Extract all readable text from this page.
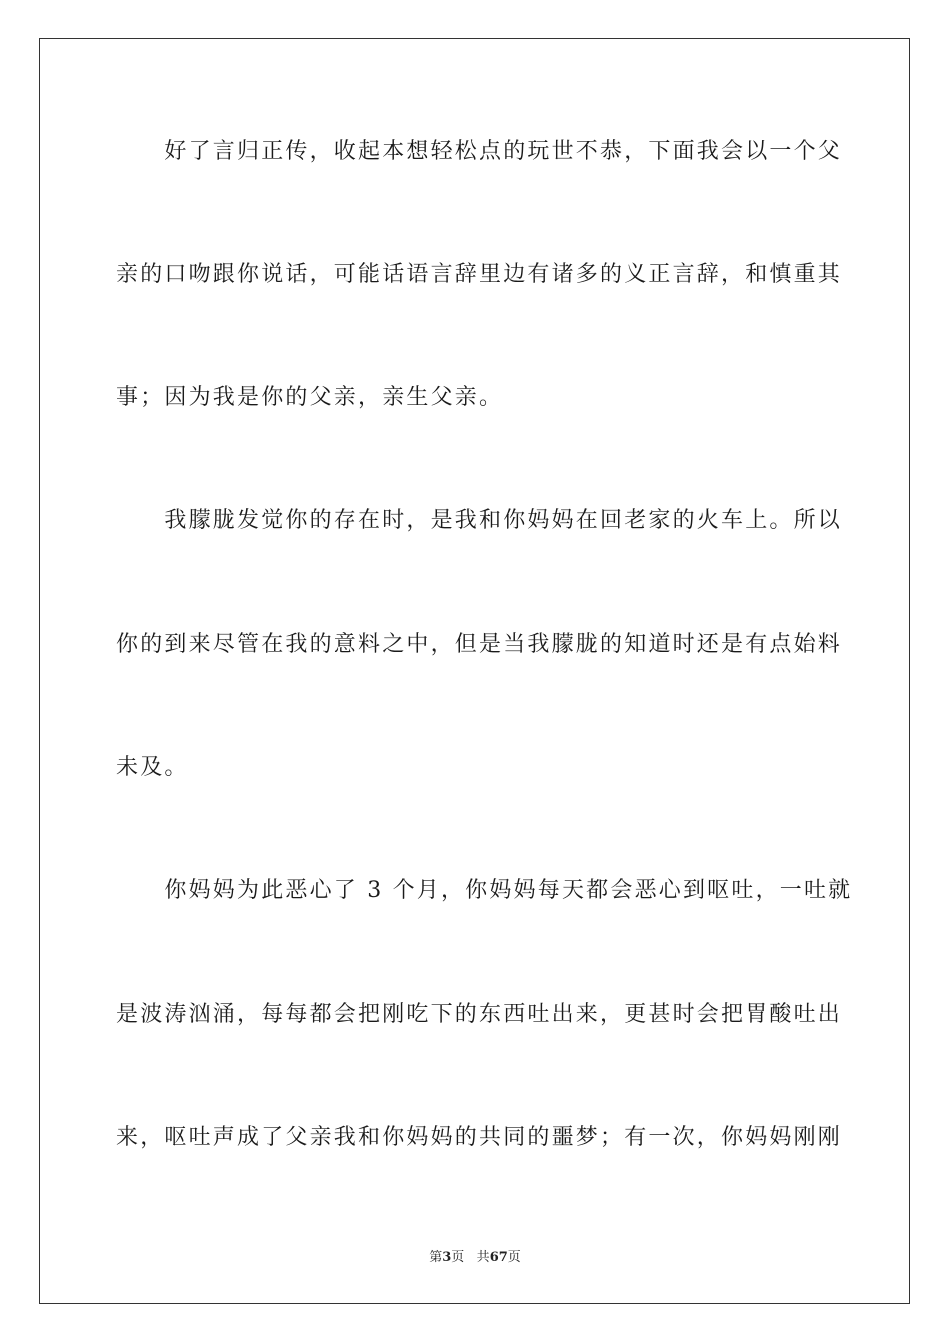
　　好了言归正传，收起本想轻松点的玩世不恭，下面我会以一个父
亲的口吻跟你说话，可能话语言辞里边有诸多的义正言辞，和慎重其
事；因为我是你的父亲，亲生父亲。
　　我朦胧发觉你的存在时，是我和你妈妈在回老家的火车上。所以
你的到来尽管在我的意料之中，但是当我朦胧的知道时还是有点始料
未及。
　　你妈妈为此恶心了 3 个月，你妈妈每天都会恶心到呕吐，一吐就
是波涛汹涌，每每都会把刚吃下的东西吐出来，更甚时会把胃酸吐出
来，呕吐声成了父亲我和你妈妈的共同的噩梦；有一次，你妈妈刚刚
第3页 共67页
